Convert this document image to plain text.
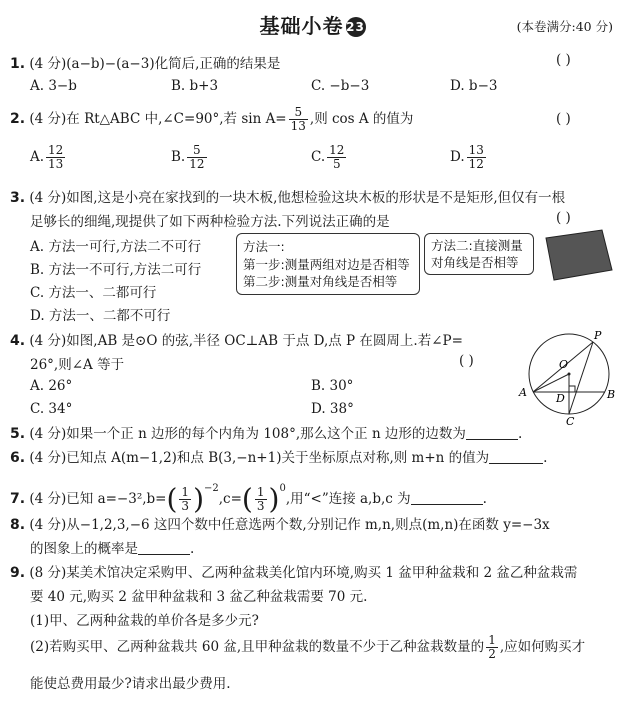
基础小卷 23	(本卷满分:40 分)
1. (4 分)(a−b)−(a−3)化简后,正确的结果是	( )
A. 3−b	B. b+3	C. −b−3	D. b−3
2. (4 分)在 Rt△ABC 中,∠C=90°,若 $\sin A= \frac{5}{13}$ ,则 cos A 的值为	( )
A. $\frac{12}{13}$	B. $\frac{5}{12}$	C. $\frac{12}{5}$	D. $\frac{13}{12}$
3. (4 分)如图,这是小亮在家找到的一块木板,他想检验这块木板的形状是不是矩形,但仅有一根
足够长的细绳,现提供了如下两种检验方法.下列说法正确的是	( )
A. 方法一可行,方法二不可行
B. 方法一不可行,方法二可行
C. 方法一、二都可行
D. 方法一、二都不可行
方法一:
第一步:测量两组对边是否相等
第二步:测量对角线是否相等
方法二:直接测量
对角线是否相等
4. (4 分)如图,AB 是⊙O 的弦,半径 OC⊥AB 于点 D,点 P 在圆周上.若∠P=
26°,则∠A 等于	( )
A. 26°	B. 30°
C. 34°	D. 38°
O
P
A	B
D
C
5. (4 分)如果一个正 n 边形的每个内角为 108°,那么这个正 n 边形的边数为	.
6. (4 分)已知点 A(m−1,2)和点 B(3,−n+1)关于坐标原点对称,则 m+n 的值为	.
7. (4 分)已知 $a=-3^2,b=( \frac{1}{3} )^{-2},c=( \frac{1}{3} )^0$,用“<”连接 a,b,c 为	.
8. (4 分)从−1,2,3,−6 这四个数中任意选两个数,分别记作 m,n,则点(m,n)在函数 y=−3x
的图象上的概率是	.
9. (8 分)某美术馆决定采购甲、乙两种盆栽美化馆内环境,购买 1 盆甲种盆栽和 2 盆乙种盆栽需
要 40 元,购买 2 盆甲种盆栽和 3 盆乙种盆栽需要 70 元.
(1)甲、乙两种盆栽的单价各是多少元?
(2)若购买甲、乙两种盆栽共 60 盆,且甲种盆栽的数量不少于乙种盆栽数量的 $\frac{1}{2}$ ,应如何购买才
能使总费用最少?请求出最少费用.
